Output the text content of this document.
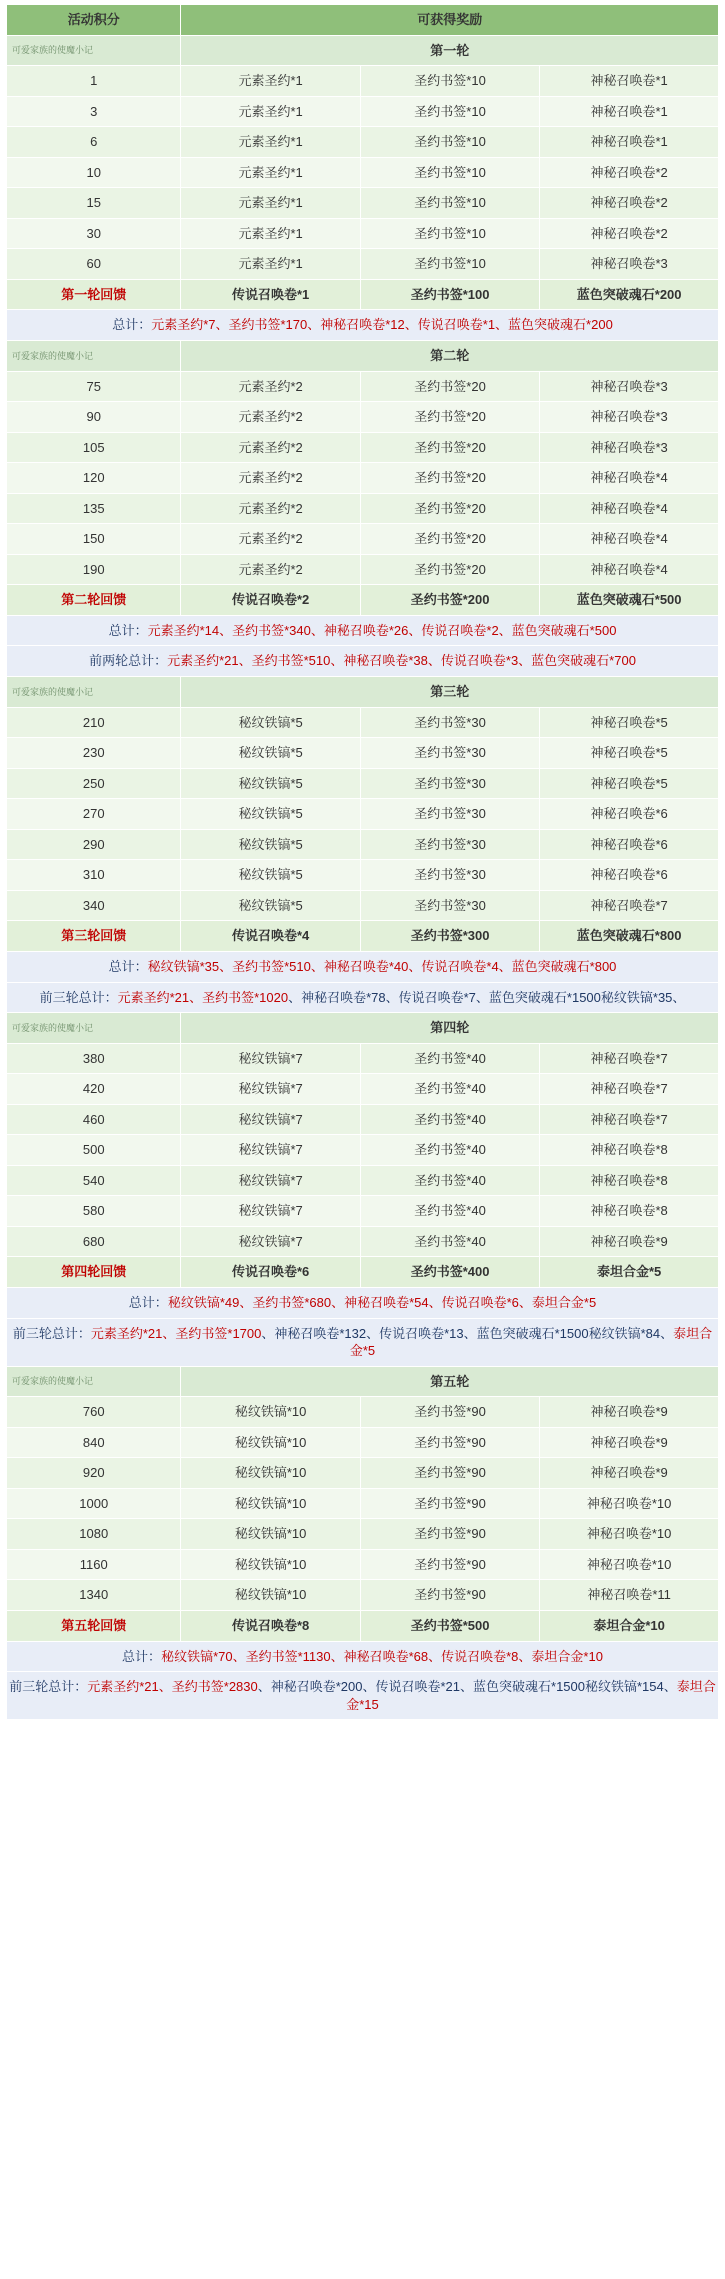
活动积分	可获得奖励		
可爱家族的使魔小记	第一轮		
1	元素圣约*1	圣约书签*10	神秘召唤卷*1
3	元素圣约*1	圣约书签*10	神秘召唤卷*1
6	元素圣约*1	圣约书签*10	神秘召唤卷*1
10	元素圣约*1	圣约书签*10	神秘召唤卷*2
15	元素圣约*1	圣约书签*10	神秘召唤卷*2
30	元素圣约*1	圣约书签*10	神秘召唤卷*2
60	元素圣约*1	圣约书签*10	神秘召唤卷*3
第一轮回馈	传说召唤卷*1	圣约书签*100	蓝色突破魂石*200
总计：元素圣约*7、圣约书签*170、神秘召唤卷*12、传说召唤卷*1、蓝色突破魂石*200			
可爱家族的使魔小记	第二轮		
75	元素圣约*2	圣约书签*20	神秘召唤卷*3
90	元素圣约*2	圣约书签*20	神秘召唤卷*3
105	元素圣约*2	圣约书签*20	神秘召唤卷*3
120	元素圣约*2	圣约书签*20	神秘召唤卷*4
135	元素圣约*2	圣约书签*20	神秘召唤卷*4
150	元素圣约*2	圣约书签*20	神秘召唤卷*4
190	元素圣约*2	圣约书签*20	神秘召唤卷*4
第二轮回馈	传说召唤卷*2	圣约书签*200	蓝色突破魂石*500
总计：元素圣约*14、圣约书签*340、神秘召唤卷*26、传说召唤卷*2、蓝色突破魂石*500			
前两轮总计：元素圣约*21、圣约书签*510、神秘召唤卷*38、传说召唤卷*3、蓝色突破魂石*700			
可爱家族的使魔小记	第三轮		
210	秘纹铁镐*5	圣约书签*30	神秘召唤卷*5
230	秘纹铁镐*5	圣约书签*30	神秘召唤卷*5
250	秘纹铁镐*5	圣约书签*30	神秘召唤卷*5
270	秘纹铁镐*5	圣约书签*30	神秘召唤卷*6
290	秘纹铁镐*5	圣约书签*30	神秘召唤卷*6
310	秘纹铁镐*5	圣约书签*30	神秘召唤卷*6
340	秘纹铁镐*5	圣约书签*30	神秘召唤卷*7
第三轮回馈	传说召唤卷*4	圣约书签*300	蓝色突破魂石*800
总计：秘纹铁镐*35、圣约书签*510、神秘召唤卷*40、传说召唤卷*4、蓝色突破魂石*800			
前三轮总计：元素圣约*21、圣约书签*1020、神秘召唤卷*78、传说召唤卷*7、蓝色突破魂石*1500秘纹铁镐*35、			
可爱家族的使魔小记	第四轮		
380	秘纹铁镐*7	圣约书签*40	神秘召唤卷*7
420	秘纹铁镐*7	圣约书签*40	神秘召唤卷*7
460	秘纹铁镐*7	圣约书签*40	神秘召唤卷*7
500	秘纹铁镐*7	圣约书签*40	神秘召唤卷*8
540	秘纹铁镐*7	圣约书签*40	神秘召唤卷*8
580	秘纹铁镐*7	圣约书签*40	神秘召唤卷*8
680	秘纹铁镐*7	圣约书签*40	神秘召唤卷*9
第四轮回馈	传说召唤卷*6	圣约书签*400	泰坦合金*5
总计：秘纹铁镐*49、圣约书签*680、神秘召唤卷*54、传说召唤卷*6、泰坦合金*5			
前三轮总计：元素圣约*21、圣约书签*1700、神秘召唤卷*132、传说召唤卷*13、蓝色突破魂石*1500秘纹铁镐*84、泰坦合金*5			
可爱家族的使魔小记	第五轮		
760	秘纹铁镐*10	圣约书签*90	神秘召唤卷*9
840	秘纹铁镐*10	圣约书签*90	神秘召唤卷*9
920	秘纹铁镐*10	圣约书签*90	神秘召唤卷*9
1000	秘纹铁镐*10	圣约书签*90	神秘召唤卷*10
1080	秘纹铁镐*10	圣约书签*90	神秘召唤卷*10
1160	秘纹铁镐*10	圣约书签*90	神秘召唤卷*10
1340	秘纹铁镐*10	圣约书签*90	神秘召唤卷*11
第五轮回馈	传说召唤卷*8	圣约书签*500	泰坦合金*10
总计：秘纹铁镐*70、圣约书签*1130、神秘召唤卷*68、传说召唤卷*8、泰坦合金*10			
前三轮总计：元素圣约*21、圣约书签*2830、神秘召唤卷*200、传说召唤卷*21、蓝色突破魂石*1500秘纹铁镐*154、泰坦合金*15			
